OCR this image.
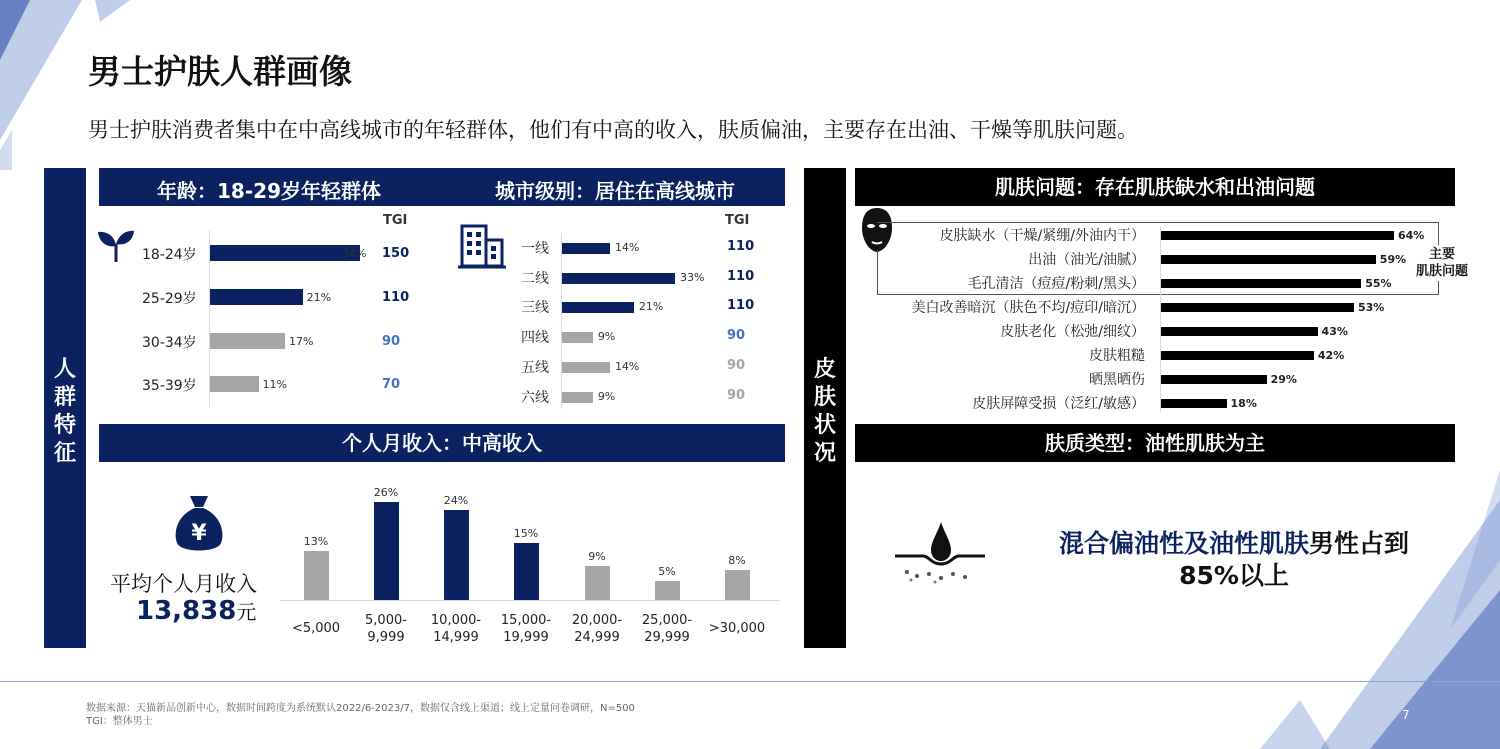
男士护肤人群画像
男士护肤消费者集中在中高线城市的年轻群体，他们有中高的收入，肤质偏油，主要存在出油、干燥等肌肤问题。
人
群
特
征
年龄：18-29岁年轻群体	城市级别：居住在高线城市
TGI
18-24岁	34% 150
25-29岁	21%	110
30-34岁	17%	90
35-39岁	11%	70
TGI
一线	14%	110
二线	33% 110
三线	21%	110
四线	9%	90
五线	14%	90
六线	9%	90
个人月收入：中高收入
¥
平均个人月收入
13,838元
13%
<5,000
26%
5,000-
9,999
24%
10,000-
14,999
15%
15,000-
19,999
9%
20,000-
24,999
5%
25,000-
29,999
8%
>30,000
皮
肤
状
况
肌肤问题：存在肌肤缺水和出油问题
主要
肌肤问题
皮肤缺水（干燥/紧绷/外油内干）	64%
出油（油光/油腻）	59%
毛孔清洁（痘痘/粉刺/黑头）	55%
美白改善暗沉（肤色不均/痘印/暗沉）	53%
皮肤老化（松弛/细纹）	43%
皮肤粗糙	42%
晒黑晒伤	29%
皮肤屏障受损（泛红/敏感）	18%
肤质类型：油性肌肤为主
混合偏油性及油性肌肤男性占到
85%以上
数据来源：天猫新品创新中心，数据时间跨度为系统默认2022/6-2023/7，数据仅含线上渠道；线上定量问卷调研，N=500
TGI：整体男士	7
